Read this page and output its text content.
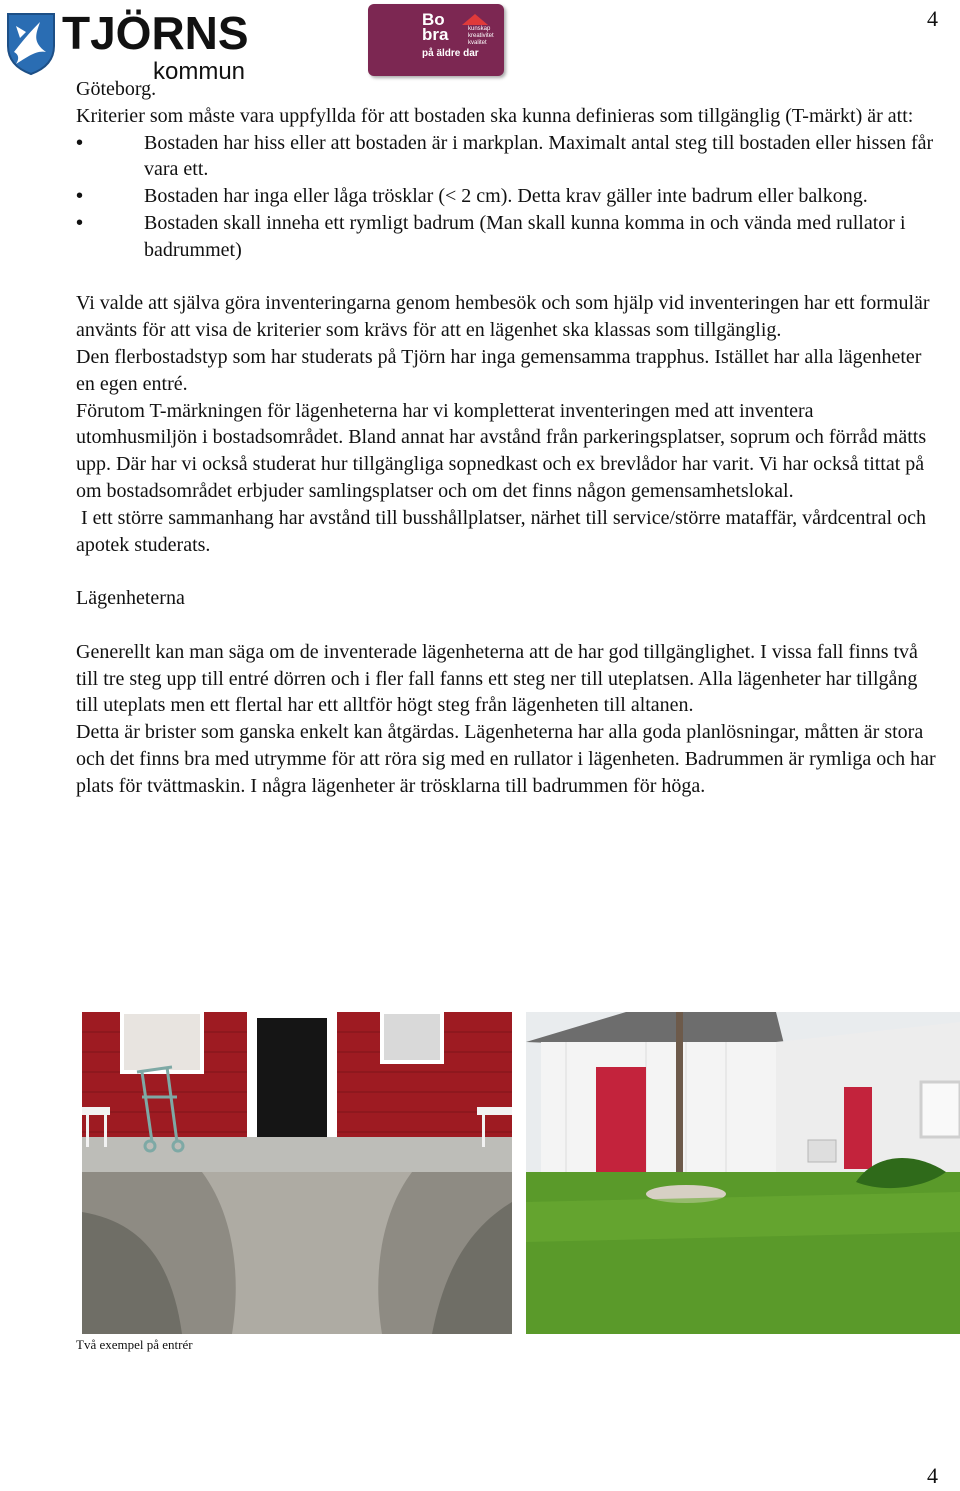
4
TJÖRNS
kommun
Bo bra	kunskap kreativitet kvalitet
på äldre dar

Göteborg.

Kriterier som måste vara uppfyllda för att bostaden ska kunna definieras som tillgänglig (T-märkt) är att:

•	Bostaden har hiss eller att bostaden är i markplan. Maximalt antal steg till bostaden eller hissen får vara ett.
•	Bostaden har inga eller låga trösklar (< 2 cm). Detta krav gäller inte badrum eller balkong.
•	Bostaden skall inneha ett rymligt badrum (Man skall kunna komma in och vända med rullator i badrummet)

Vi valde att själva göra inventeringarna genom hembesök och som hjälp vid inventeringen har ett formulär använts för att visa de kriterier som krävs för att en lägenhet ska klassas som tillgänglig.

Den flerbostadstyp som har studerats på Tjörn har inga gemensamma trapphus. Istället har alla lägenheter en egen entré.

Förutom T-märkningen för lägenheterna har vi kompletterat inventeringen med att inventera utomhusmiljön i bostadsområdet. Bland annat har avstånd från parkeringsplatser, soprum och förråd mätts upp. Där har vi också studerat hur tillgängliga sopnedkast och ex brevlådor har varit. Vi har också tittat på om bostadsområdet erbjuder samlingsplatser och om det finns någon gemensamhetslokal.

I ett större sammanhang har avstånd till busshållplatser, närhet till service/större mataffär, vårdcentral och apotek studerats.

Lägenheterna

Generellt kan man säga om de inventerade lägenheterna att de har god tillgänglighet. I vissa fall finns två till tre steg upp till entré dörren och i fler fall fanns ett steg ner till uteplatsen. Alla lägenheter har tillgång till uteplats men ett flertal har ett alltför högt steg från lägenheten till altanen.

Detta är brister som ganska enkelt kan åtgärdas. Lägenheterna har alla goda planlösningar, måtten är stora och det finns bra med utrymme för att röra sig med en rullator i lägenheten. Badrummen är rymliga och har plats för tvättmaskin. I några lägenheter är trösklarna till badrummen för höga.

Två exempel på entrér
4
